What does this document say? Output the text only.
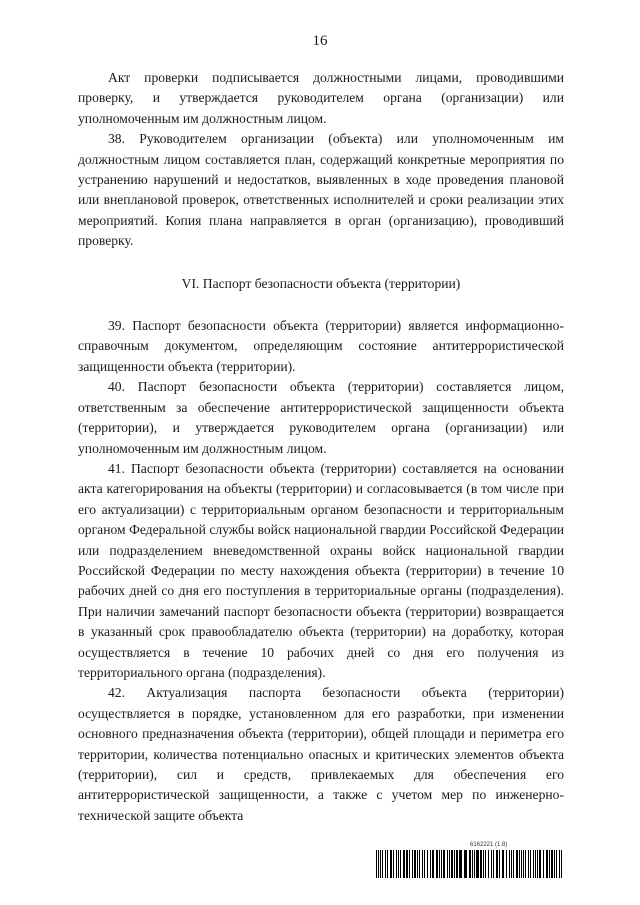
16

Акт проверки подписывается должностными лицами, проводившими проверку, и утверждается руководителем органа (организации) или уполномоченным им должностным лицом.

38. Руководителем организации (объекта) или уполномоченным им должностным лицом составляется план, содержащий конкретные мероприятия по устранению нарушений и недостатков, выявленных в ходе проведения плановой или внеплановой проверок, ответственных исполнителей и сроки реализации этих мероприятий. Копия плана направляется в орган (организацию), проводивший проверку.

VI. Паспорт безопасности объекта (территории)

39. Паспорт безопасности объекта (территории) является информационно-справочным документом, определяющим состояние антитеррористической защищенности объекта (территории).

40. Паспорт безопасности объекта (территории) составляется лицом, ответственным за обеспечение антитеррористической защищенности объекта (территории), и утверждается руководителем органа (организации) или уполномоченным им должностным лицом.

41. Паспорт безопасности объекта (территории) составляется на основании акта категорирования на объекты (территории) и согласовывается (в том числе при его актуализации) с территориальным органом безопасности и территориальным органом Федеральной службы войск национальной гвардии Российской Федерации или подразделением вневедомственной охраны войск национальной гвардии Российской Федерации по месту нахождения объекта (территории) в течение 10 рабочих дней со дня его поступления в территориальные органы (подразделения). При наличии замечаний паспорт безопасности объекта (территории) возвращается в указанный срок правообладателю объекта (территории) на доработку, которая осуществляется в течение 10 рабочих дней со дня его получения из территориального органа (подразделения).

42. Актуализация паспорта безопасности объекта (территории) осуществляется в порядке, установленном для его разработки, при изменении основного предназначения объекта (территории), общей площади и периметра его территории, количества потенциально опасных и критических элементов объекта (территории), сил и средств, привлекаемых для обеспечения его антитеррористической защищенности, а также с учетом мер по инженерно-технической защите объекта

6162221 (1.8)
